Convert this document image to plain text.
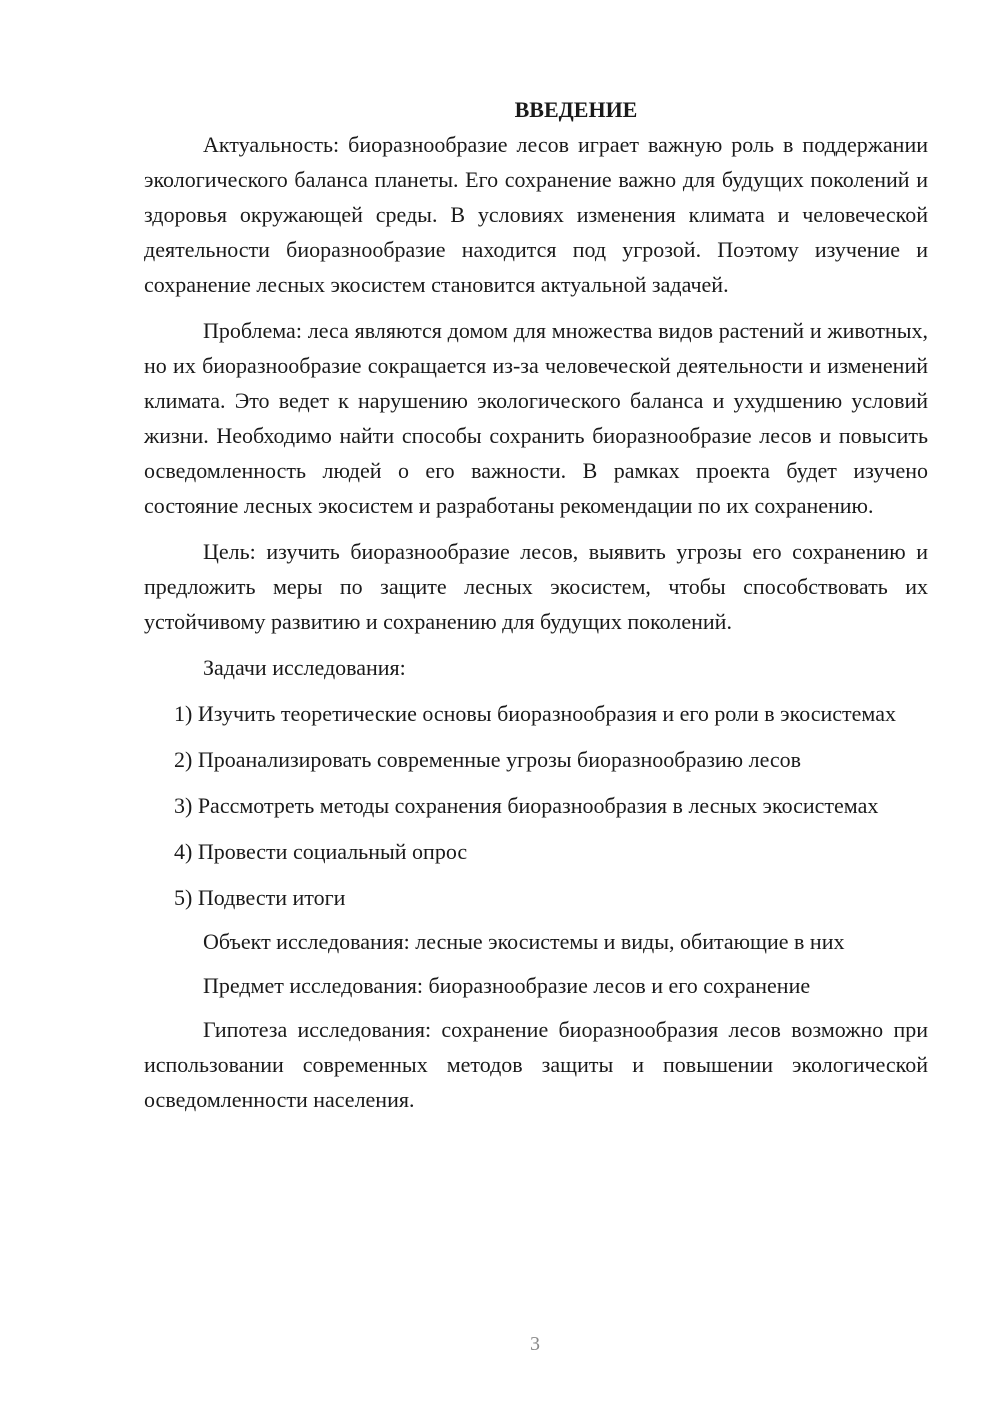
ВВЕДЕНИЕ

Актуальность: биоразнообразие лесов играет важную роль в поддержании экологического баланса планеты. Его сохранение важно для будущих поколений и здоровья окружающей среды. В условиях изменения климата и человеческой деятельности биоразнообразие находится под угрозой. Поэтому изучение и сохранение лесных экосистем становится актуальной задачей.

Проблема: леса являются домом для множества видов растений и животных, но их биоразнообразие сокращается из-за человеческой деятельности и изменений климата. Это ведет к нарушению экологического баланса и ухудшению условий жизни. Необходимо найти способы сохранить биоразнообразие лесов и повысить осведомленность людей о его важности. В рамках проекта будет изучено состояние лесных экосистем и разработаны рекомендации по их сохранению.

Цель: изучить биоразнообразие лесов, выявить угрозы его сохранению и предложить меры по защите лесных экосистем, чтобы способствовать их устойчивому развитию и сохранению для будущих поколений.

Задачи исследования:

1) Изучить теоретические основы биоразнообразия и его роли в экосистемах

2) Проанализировать современные угрозы биоразнообразию лесов

3) Рассмотреть методы сохранения биоразнообразия в лесных экосистемах

4) Провести социальный опрос

5) Подвести итоги

Объект исследования: лесные экосистемы и виды, обитающие в них

Предмет исследования: биоразнообразие лесов и его сохранение

Гипотеза исследования: сохранение биоразнообразия лесов возможно при использовании современных методов защиты и повышении экологической осведомленности населения.

3
